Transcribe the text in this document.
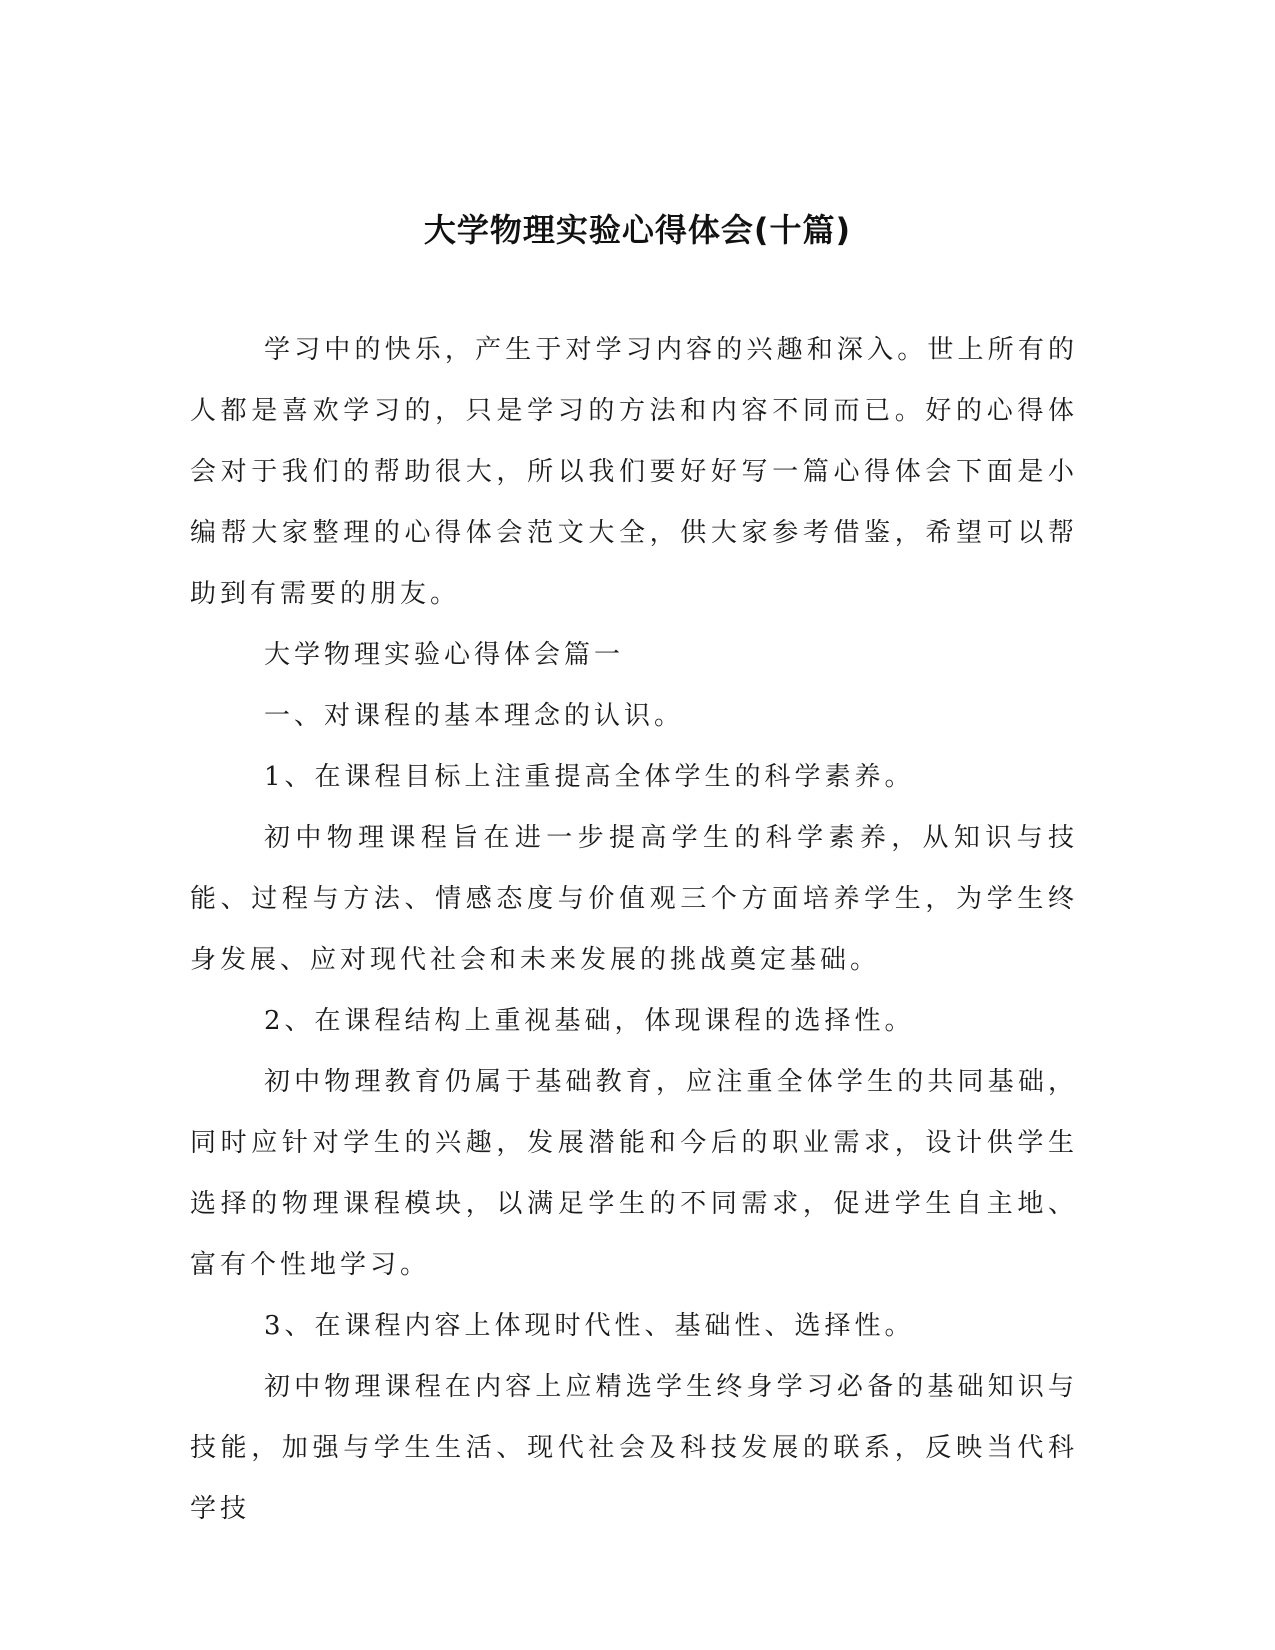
大学物理实验心得体会(十篇)

学习中的快乐，产生于对学习内容的兴趣和深入。世上所有的人都是喜欢学习的，只是学习的方法和内容不同而已。好的心得体会对于我们的帮助很大，所以我们要好好写一篇心得体会下面是小编帮大家整理的心得体会范文大全，供大家参考借鉴，希望可以帮助到有需要的朋友。

大学物理实验心得体会篇一

一、对课程的基本理念的认识。

1、在课程目标上注重提高全体学生的科学素养。

初中物理课程旨在进一步提高学生的科学素养，从知识与技能、过程与方法、情感态度与价值观三个方面培养学生，为学生终身发展、应对现代社会和未来发展的挑战奠定基础。

2、在课程结构上重视基础，体现课程的选择性。

初中物理教育仍属于基础教育，应注重全体学生的共同基础，同时应针对学生的兴趣，发展潜能和今后的职业需求，设计供学生选择的物理课程模块，以满足学生的不同需求，促进学生自主地、富有个性地学习。

3、在课程内容上体现时代性、基础性、选择性。

初中物理课程在内容上应精选学生终身学习必备的基础知识与技能，加强与学生生活、现代社会及科技发展的联系，反映当代科学技
